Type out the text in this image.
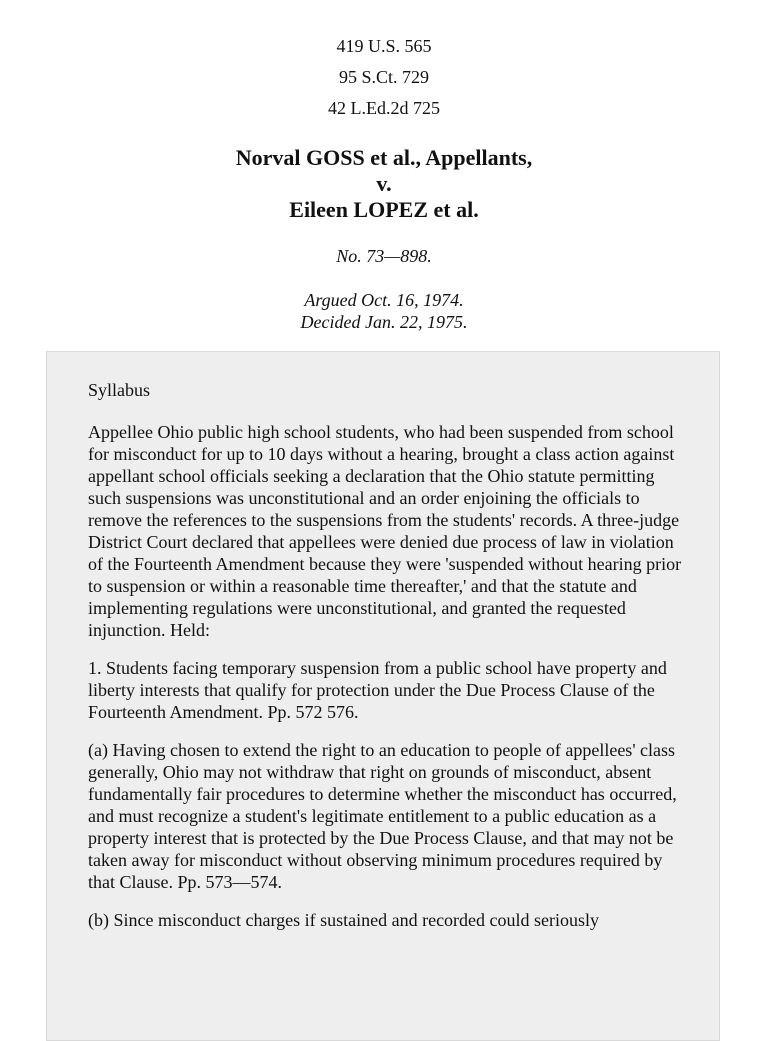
419 U.S. 565
95 S.Ct. 729
42 L.Ed.2d 725
Norval GOSS et al., Appellants,
v.
Eileen LOPEZ et al.
No. 73—898.
Argued Oct. 16, 1974.
Decided Jan. 22, 1975.

Syllabus

Appellee Ohio public high school students, who had been suspended from school for misconduct for up to 10 days without a hearing, brought a class action against appellant school officials seeking a declaration that the Ohio statute permitting such suspensions was unconstitutional and an order enjoining the officials to remove the references to the suspensions from the students' records. A three-judge District Court declared that appellees were denied due process of law in violation of the Fourteenth Amendment because they were 'suspended without hearing prior to suspension or within a reasonable time thereafter,' and that the statute and implementing regulations were unconstitutional, and granted the requested injunction. Held:

1. Students facing temporary suspension from a public school have property and liberty interests that qualify for protection under the Due Process Clause of the Fourteenth Amendment. Pp. 572 576.

(a) Having chosen to extend the right to an education to people of appellees' class generally, Ohio may not withdraw that right on grounds of misconduct, absent fundamentally fair procedures to determine whether the misconduct has occurred, and must recognize a student's legitimate entitlement to a public education as a property interest that is protected by the Due Process Clause, and that may not be taken away for misconduct without observing minimum procedures required by that Clause. Pp. 573—574.

(b) Since misconduct charges if sustained and recorded could seriously
